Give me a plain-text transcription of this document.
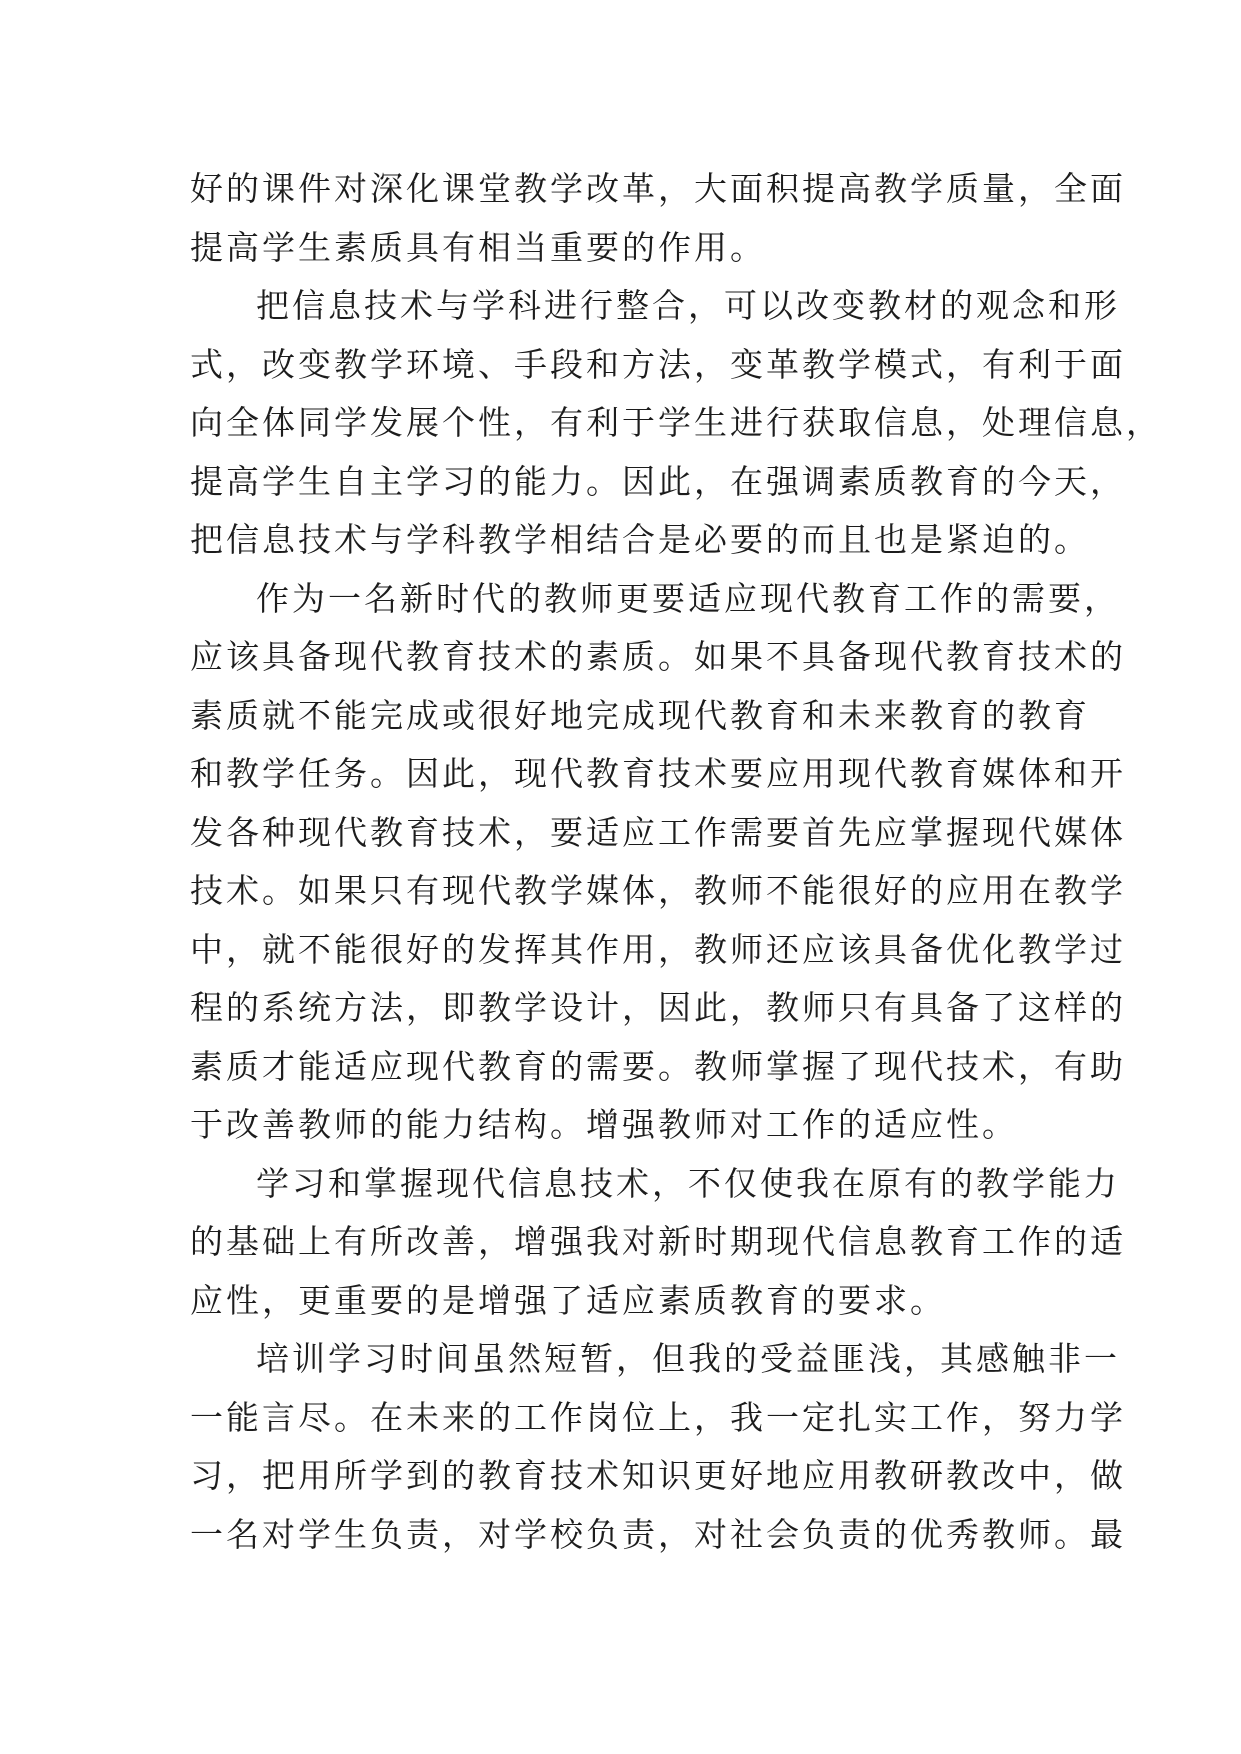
好的课件对深化课堂教学改革，大面积提高教学质量，全面
提高学生素质具有相当重要的作用。
把信息技术与学科进行整合，可以改变教材的观念和形
式，改变教学环境、手段和方法，变革教学模式，有利于面
向全体同学发展个性，有利于学生进行获取信息，处理信息，
提高学生自主学习的能力。因此，在强调素质教育的今天，
把信息技术与学科教学相结合是必要的而且也是紧迫的。
作为一名新时代的教师更要适应现代教育工作的需要，
应该具备现代教育技术的素质。如果不具备现代教育技术的
素质就不能完成或很好地完成现代教育和未来教育的教育
和教学任务。因此，现代教育技术要应用现代教育媒体和开
发各种现代教育技术，要适应工作需要首先应掌握现代媒体
技术。如果只有现代教学媒体，教师不能很好的应用在教学
中，就不能很好的发挥其作用，教师还应该具备优化教学过
程的系统方法，即教学设计，因此，教师只有具备了这样的
素质才能适应现代教育的需要。教师掌握了现代技术，有助
于改善教师的能力结构。增强教师对工作的适应性。
学习和掌握现代信息技术，不仅使我在原有的教学能力
的基础上有所改善，增强我对新时期现代信息教育工作的适
应性，更重要的是增强了适应素质教育的要求。
培训学习时间虽然短暂，但我的受益匪浅，其感触非一
一能言尽。在未来的工作岗位上，我一定扎实工作，努力学
习，把用所学到的教育技术知识更好地应用教研教改中，做
一名对学生负责，对学校负责，对社会负责的优秀教师。最
